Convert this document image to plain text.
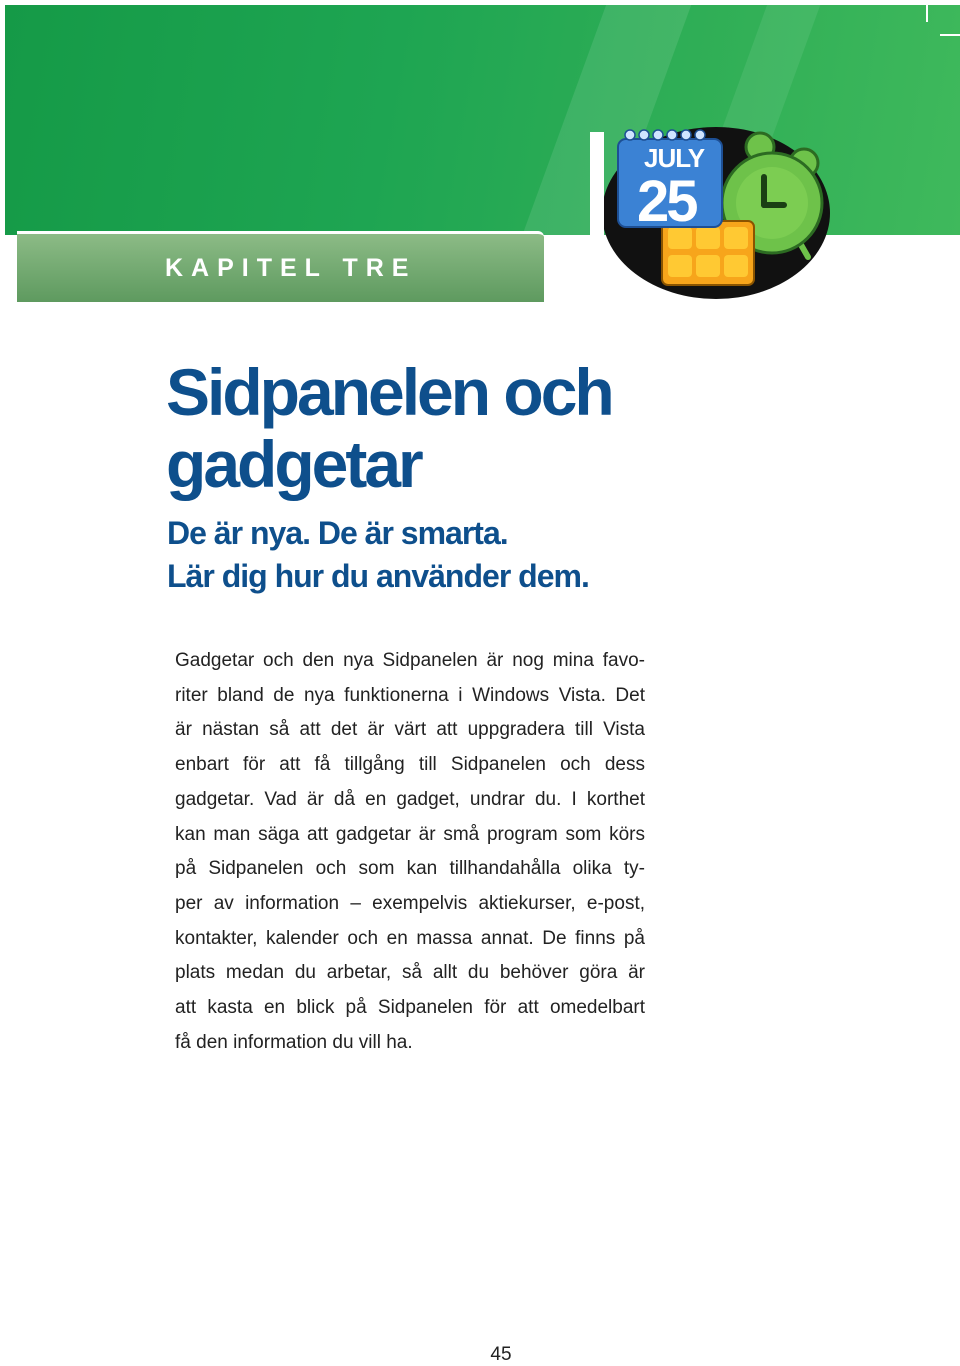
KAPITEL TRE
JULY
25
Sidpanelen och
gadgetar
De är nya. De är smarta.
Lär dig hur du använder dem.
Gadgetar och den nya Sidpanelen är nog mina favo-
riter bland de nya funktionerna i Windows Vista. Det
är nästan så att det är värt att uppgradera till Vista
enbart för att få tillgång till Sidpanelen och dess
gadgetar. Vad är då en gadget, undrar du. I korthet
kan man säga att gadgetar är små program som körs
på Sidpanelen och som kan tillhandahålla olika ty-
per av information – exempelvis aktiekurser, e-post,
kontakter, kalender och en massa annat. De finns på
plats medan du arbetar, så allt du behöver göra är
att kasta en blick på Sidpanelen för att omedelbart
få den information du vill ha.
45
